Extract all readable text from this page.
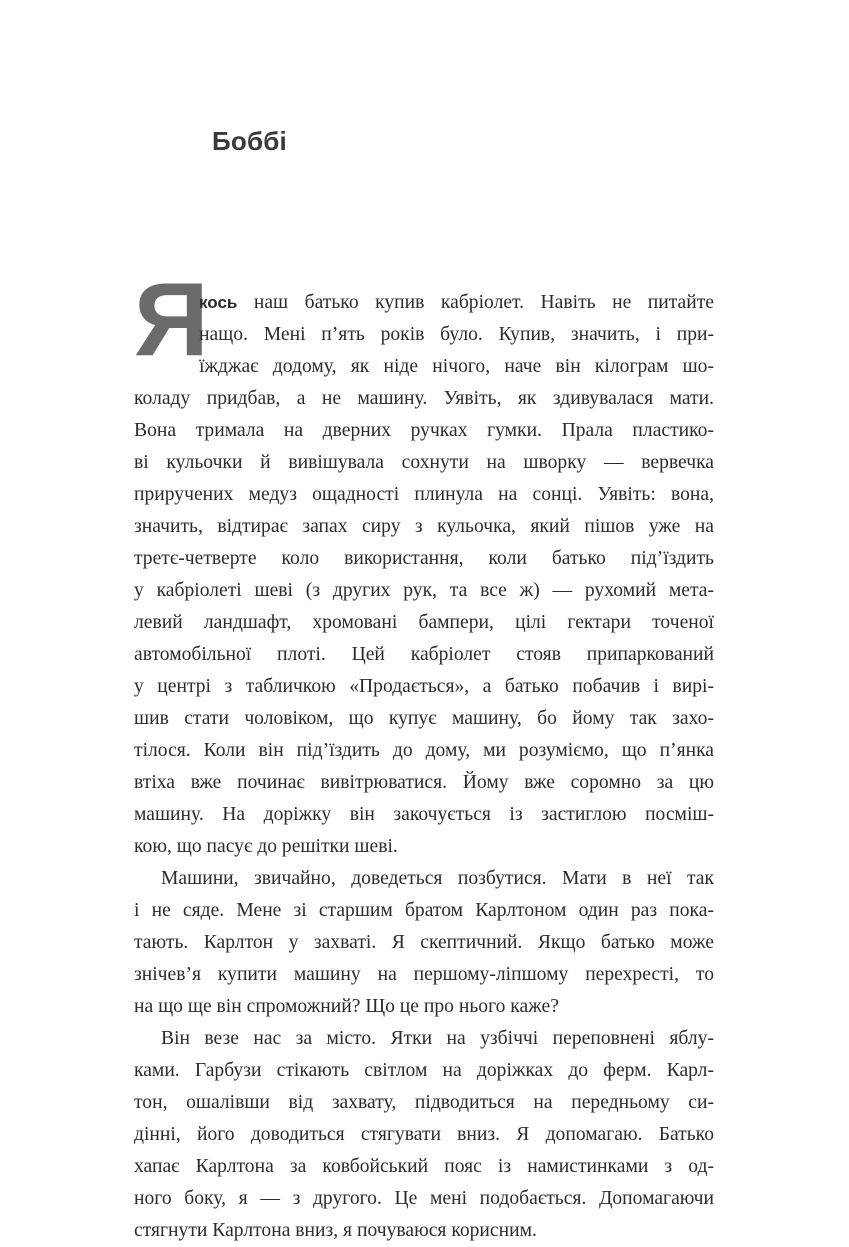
Боббі
Я
кось наш батько купив кабріолет. Навіть не питайте
нащо. Мені п’ять років було. Купив, значить, і при-
їжджає додому, як ніде нічого, наче він кілограм шо-
коладу придбав, а не машину. Уявіть, як здивувалася мати.
Вона тримала на дверних ручках гумки. Прала пластико-
ві кульочки й вивішувала сохнути на шворку — вервечка
приручених медуз ощадності плинула на сонці. Уявіть: вона,
значить, відтирає запах сиру з кульочка, який пішов уже на
третє-четверте коло використання, коли батько під’їздить
у кабріолеті шеві (з других рук, та все ж) — рухомий мета-
левий ландшафт, хромовані бампери, цілі гектари точеної
автомобільної плоті. Цей кабріолет стояв припаркований
у центрі з табличкою «Продається», а батько побачив і вирі-
шив стати чоловіком, що купує машину, бо йому так захо-
тілося. Коли він під’їздить до дому, ми розуміємо, що п’янка
втіха вже починає вивітрюватися. Йому вже соромно за цю
машину. На доріжку він закочується із застиглою посміш-
кою, що пасує до решітки шеві.
Машини, звичайно, доведеться позбутися. Мати в неї так
і не сяде. Мене зі старшим братом Карлтоном один раз пока-
тають. Карлтон у захваті. Я скептичний. Якщо батько може
знічев’я купити машину на першому-ліпшому перехресті, то
на що ще він спроможний? Що це про нього каже?
Він везе нас за місто. Ятки на узбіччі переповнені яблу-
ками. Гарбузи стікають світлом на доріжках до ферм. Карл-
тон, ошалівши від захвату, підводиться на передньому си-
дінні, його доводиться стягувати вниз. Я допомагаю. Батько
хапає Карлтона за ковбойський пояс із намистинками з од-
ного боку, я — з другого. Це мені подобається. Допомагаючи
стягнути Карлтона вниз, я почуваюся корисним.
